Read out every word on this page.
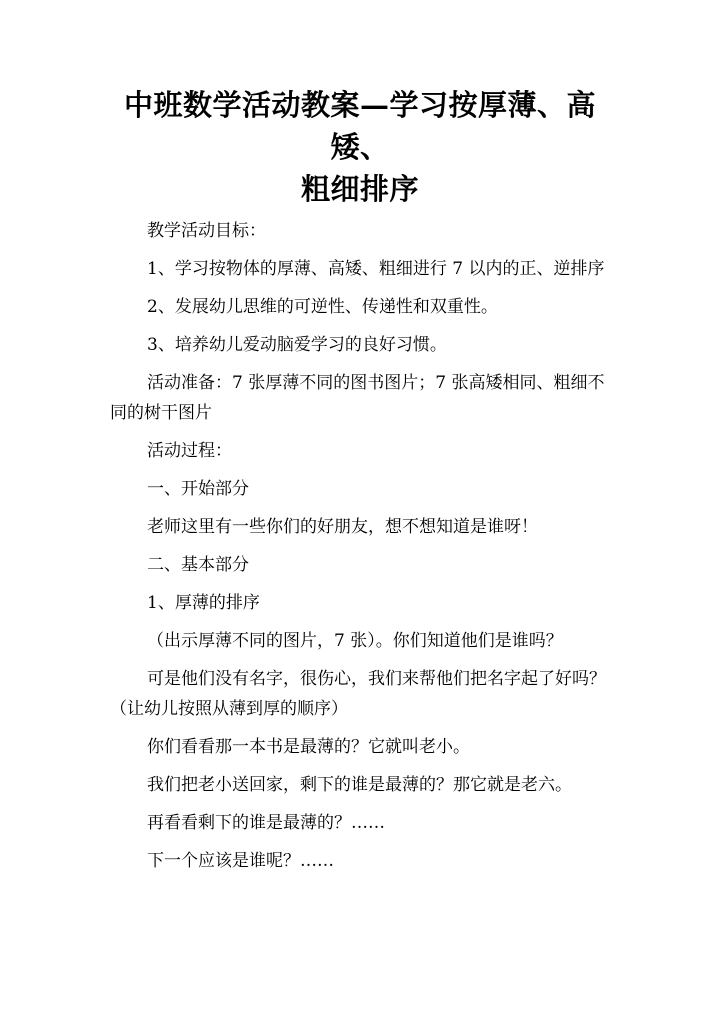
中班数学活动教案—学习按厚薄、高矮、
粗细排序

教学活动目标：

1、学习按物体的厚薄、高矮、粗细进行 7 以内的正、逆排序

2、发展幼儿思维的可逆性、传递性和双重性。

3、培养幼儿爱动脑爱学习的良好习惯。

活动准备：7 张厚薄不同的图书图片；7 张高矮相同、粗细不同的树干图片

活动过程：

一、开始部分

老师这里有一些你们的好朋友，想不想知道是谁呀！

二、基本部分

1、厚薄的排序

（出示厚薄不同的图片，7 张）。你们知道他们是谁吗？

可是他们没有名字，很伤心，我们来帮他们把名字起了好吗？（让幼儿按照从薄到厚的顺序）

你们看看那一本书是最薄的？它就叫老小。

我们把老小送回家，剩下的谁是最薄的？那它就是老六。

再看看剩下的谁是最薄的？……

下一个应该是谁呢？……
